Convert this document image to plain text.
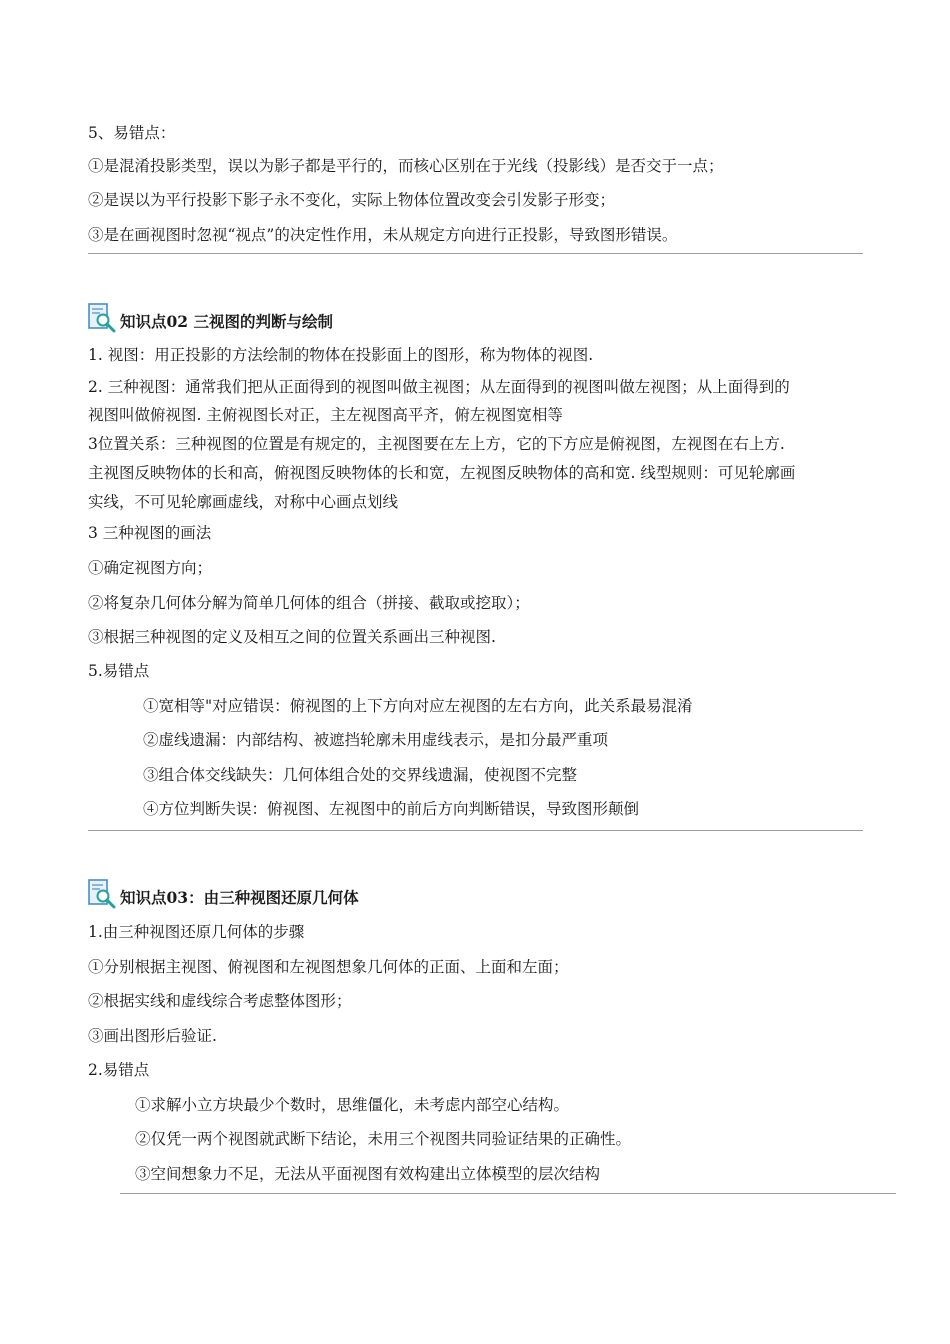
5、易错点：
①是混淆投影类型，误以为影子都是平行的，而核心区别在于光线（投影线）是否交于一点；
②是误以为平行投影下影子永不变化，实际上物体位置改变会引发影子形变；
③是在画视图时忽视“视点”的决定性作用，未从规定方向进行正投影，导致图形错误。
知识点02 三视图的判断与绘制
1. 视图：用正投影的方法绘制的物体在投影面上的图形，称为物体的视图.
2. 三种视图：通常我们把从正面得到的视图叫做主视图；从左面得到的视图叫做左视图；从上面得到的
视图叫做俯视图. 主俯视图长对正，主左视图高平齐，俯左视图宽相等
3位置关系：三种视图的位置是有规定的，主视图要在左上方，它的下方应是俯视图，左视图在右上方.
主视图反映物体的长和高，俯视图反映物体的长和宽，左视图反映物体的高和宽. 线型规则：可见轮廓画
实线，不可见轮廓画虚线，对称中心画点划线
3 三种视图的画法
①确定视图方向；
②将复杂几何体分解为简单几何体的组合（拼接、截取或挖取）；
③根据三种视图的定义及相互之间的位置关系画出三种视图.
5.易错点
①宽相等"对应错误：俯视图的上下方向对应左视图的左右方向，此关系最易混淆
②虚线遗漏：内部结构、被遮挡轮廓未用虚线表示，是扣分最严重项
③组合体交线缺失：几何体组合处的交界线遗漏，使视图不完整
④方位判断失误：俯视图、左视图中的前后方向判断错误，导致图形颠倒
知识点03：由三种视图还原几何体
1.由三种视图还原几何体的步骤
①分别根据主视图、俯视图和左视图想象几何体的正面、上面和左面；
②根据实线和虚线综合考虑整体图形；
③画出图形后验证.
2.易错点
①求解小立方块最少个数时，思维僵化，未考虑内部空心结构。
②仅凭一两个视图就武断下结论，未用三个视图共同验证结果的正确性。
③空间想象力不足，无法从平面视图有效构建出立体模型的层次结构
